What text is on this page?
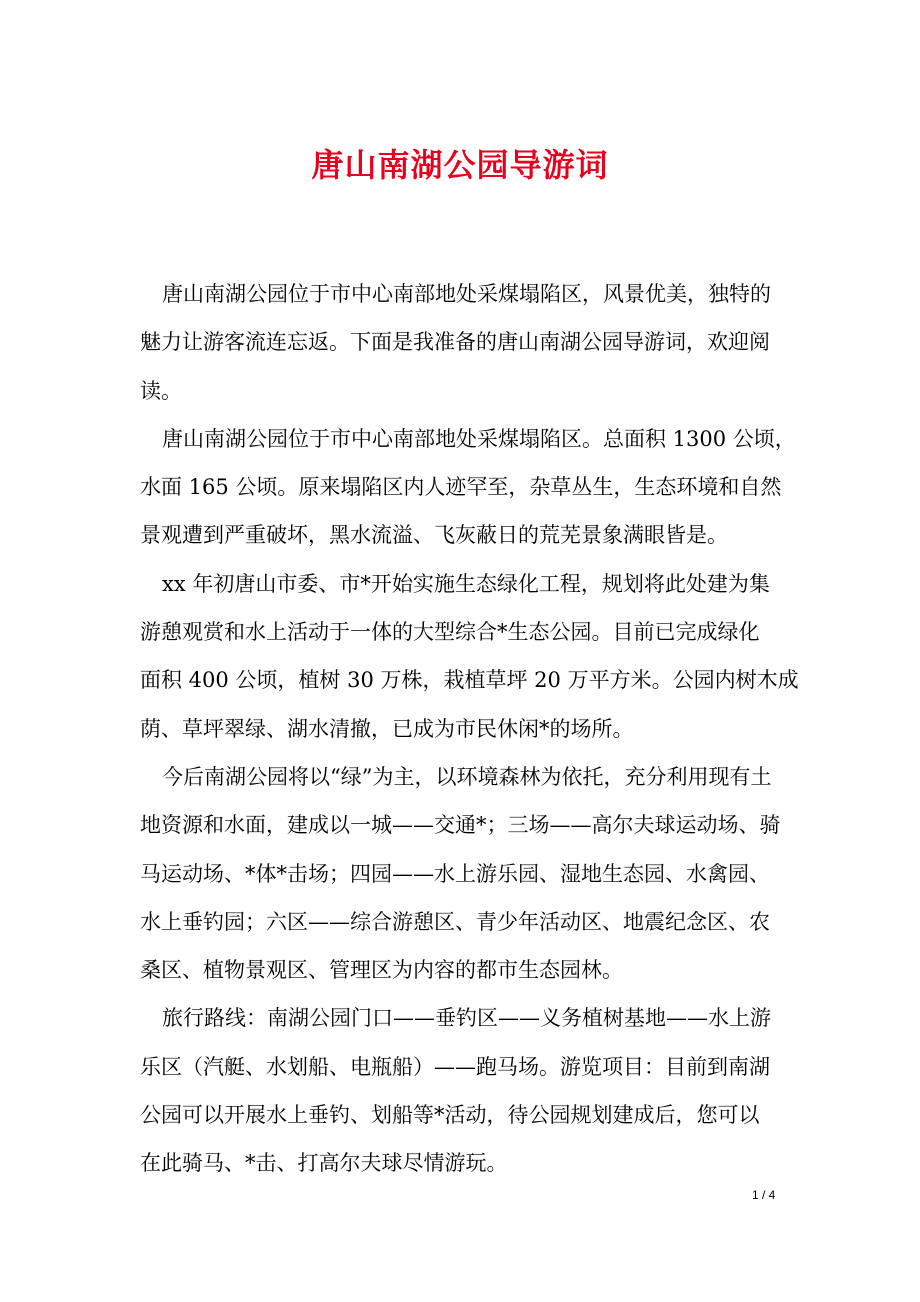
唐山南湖公园导游词
唐山南湖公园位于市中心南部地处采煤塌陷区，风景优美，独特的
魅力让游客流连忘返。下面是我准备的唐山南湖公园导游词，欢迎阅
读。
唐山南湖公园位于市中心南部地处采煤塌陷区。总面积 1300 公顷，
水面 165 公顷。原来塌陷区内人迹罕至，杂草丛生，生态环境和自然
景观遭到严重破坏，黑水流溢、飞灰蔽日的荒芜景象满眼皆是。
xx 年初唐山市委、市*开始实施生态绿化工程，规划将此处建为集
游憩观赏和水上活动于一体的大型综合*生态公园。目前已完成绿化
面积 400 公顷，植树 30 万株，栽植草坪 20 万平方米。公园内树木成
荫、草坪翠绿、湖水清撤，已成为市民休闲*的场所。
今后南湖公园将以“绿”为主，以环境森林为依托，充分利用现有土
地资源和水面，建成以一城——交通*；三场——高尔夫球运动场、骑
马运动场、*体*击场；四园——水上游乐园、湿地生态园、水禽园、
水上垂钓园；六区——综合游憩区、青少年活动区、地震纪念区、农
桑区、植物景观区、管理区为内容的都市生态园林。
旅行路线：南湖公园门口——垂钓区——义务植树基地——水上游
乐区（汽艇、水划船、电瓶船）——跑马场。游览项目：目前到南湖
公园可以开展水上垂钓、划船等*活动，待公园规划建成后，您可以
在此骑马、*击、打高尔夫球尽情游玩。
1 / 4
